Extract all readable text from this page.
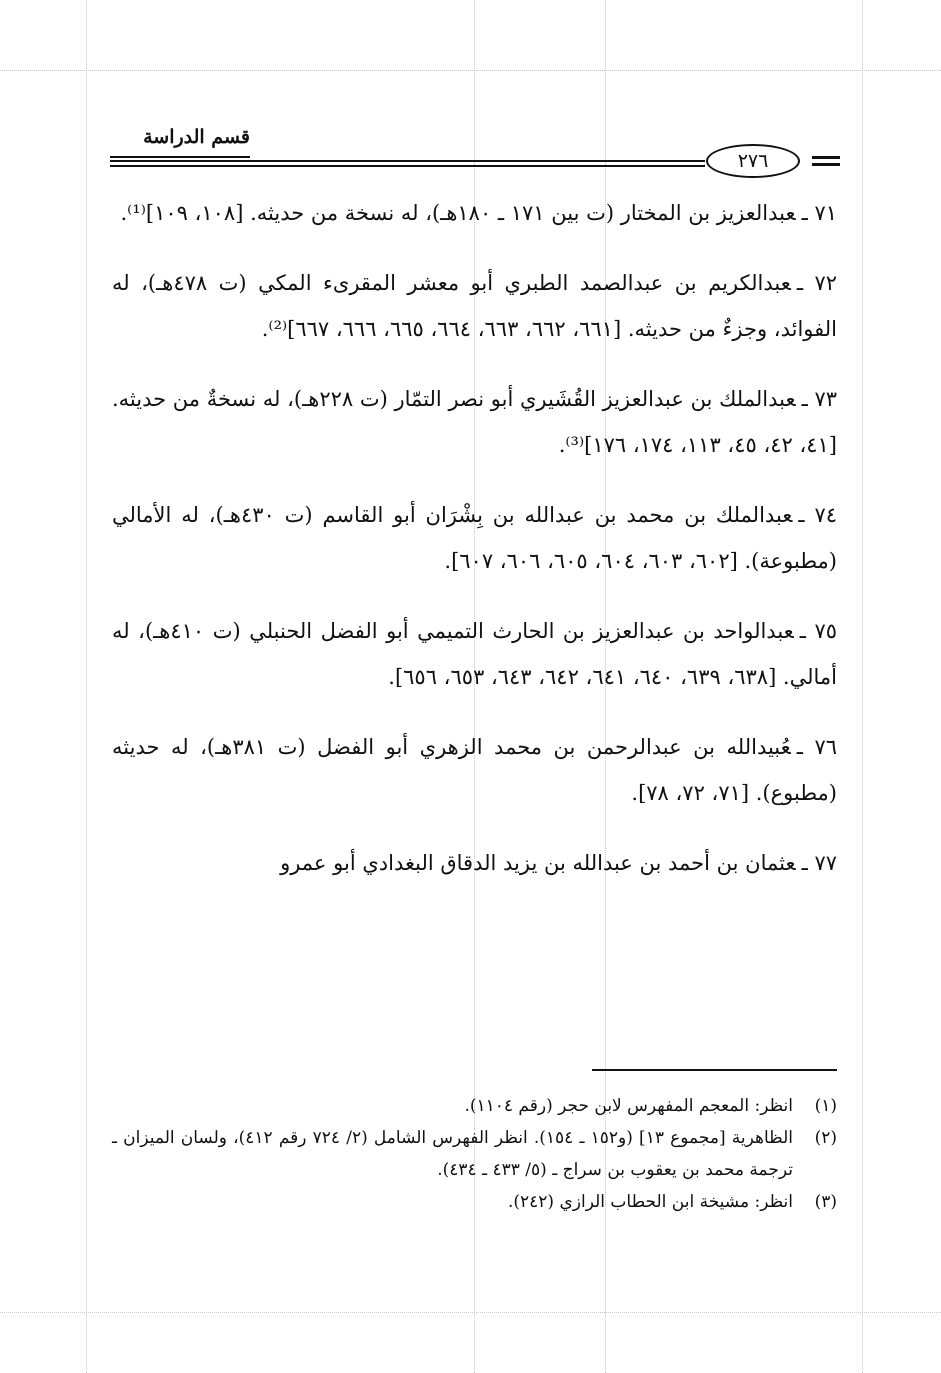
قسم الدراسة
٢٧٦
٧١ ـعبدالعزيز بن المختار (ت بين ١٧١ ـ ١٨٠هـ)، له نسخة من حديثه. [١٠٨، ١٠٩]⁽¹⁾.
٧٢ ـعبدالكريم بن عبدالصمد الطبري أبو معشر المقرىء المكي (ت ٤٧٨هـ)، له الفوائد، وجزءٌ من حديثه. [٦٦١، ٦٦٢، ٦٦٣، ٦٦٤، ٦٦٥، ٦٦٦، ٦٦٧]⁽²⁾.
٧٣ ـعبدالملك بن عبدالعزيز القُشَيري أبو نصر التمّار (ت ٢٢٨هـ)، له نسخةٌ من حديثه. [٤١، ٤٢، ٤٥، ١١٣، ١٧٤، ١٧٦]⁽³⁾.
٧٤ ـعبدالملك بن محمد بن عبدالله بن بِشْرَان أبو القاسم (ت ٤٣٠هـ)، له الأمالي (مطبوعة). [٦٠٢، ٦٠٣، ٦٠٤، ٦٠٥، ٦٠٦، ٦٠٧].
٧٥ ـعبدالواحد بن عبدالعزيز بن الحارث التميمي أبو الفضل الحنبلي (ت ٤١٠هـ)، له أمالي. [٦٣٨، ٦٣٩، ٦٤٠، ٦٤١، ٦٤٢، ٦٤٣، ٦٥٣، ٦٥٦].
٧٦ ـعُبيدالله بن عبدالرحمن بن محمد الزهري أبو الفضل (ت ٣٨١هـ)، له حديثه (مطبوع). [٧١، ٧٢، ٧٨].
٧٧ ـعثمان بن أحمد بن عبدالله بن يزيد الدقاق البغدادي أبو عمرو
(١)
انظر: المعجم المفهرس لابن حجر (رقم ١١٠٤).
(٢)
الظاهرية [مجموع ١٣] (و١٥٢ ـ ١٥٤). انظر الفهرس الشامل (٢/ ٧٢٤ رقم ٤١٢)، ولسان الميزان ـ ترجمة محمد بن يعقوب بن سراج ـ (٥/ ٤٣٣ ـ ٤٣٤).
(٣)
انظر: مشيخة ابن الحطاب الرازي (٢٤٢).
